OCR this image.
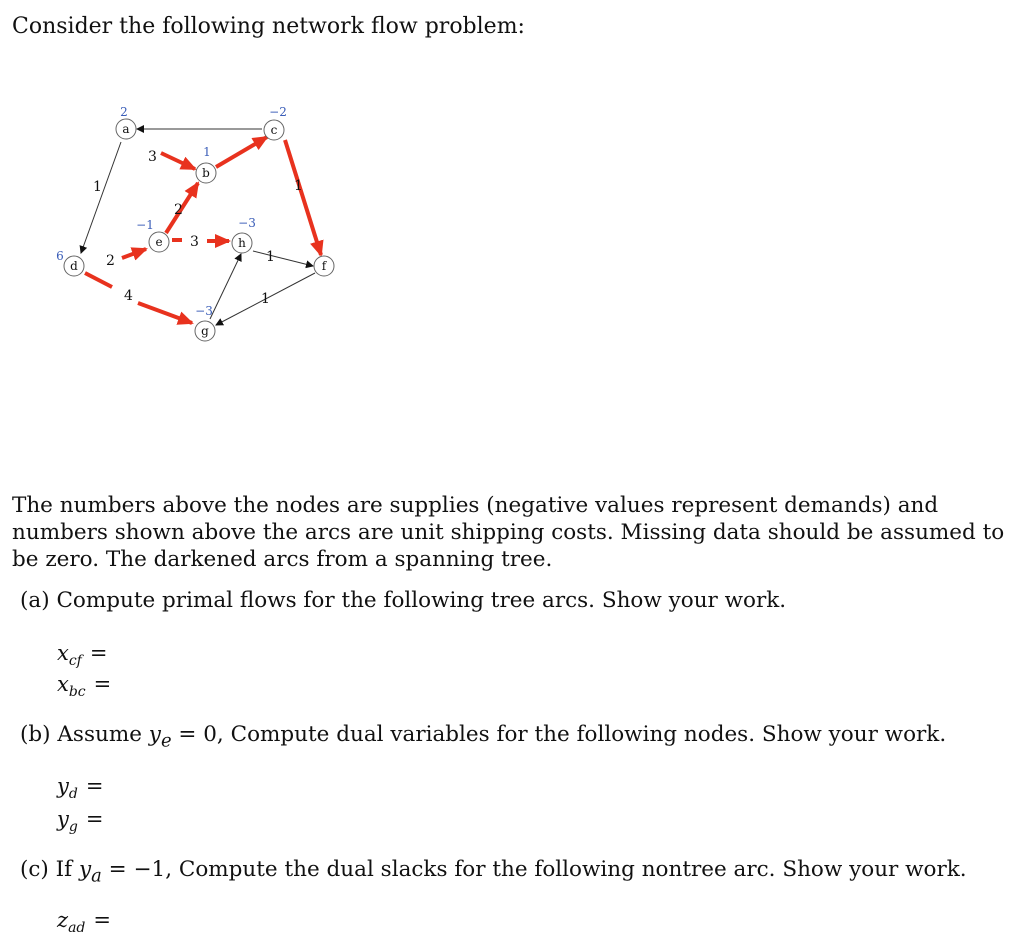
Consider the following network flow problem:
3
1
1
2
2
3
1
4	1
a
b
c
d
e
f
g
h
2
1
−2
6
−1
−3
−3
The numbers above the nodes are supplies (negative values represent demands) and numbers shown above the arcs are unit shipping costs. Missing data should be assumed to be zero. The darkened arcs from a spanning tree.
(a) Compute primal flows for the following tree arcs. Show your work.
$x_{cf}$ =
$x_{bc}$ =
(b) Assume $y_e = 0$, Compute dual variables for the following nodes. Show your work.
$y_d$ =
$y_g$ =
(c) If $y_a = -1$, Compute the dual slacks for the following nontree arc. Show your work.
$z_{ad}$ =
